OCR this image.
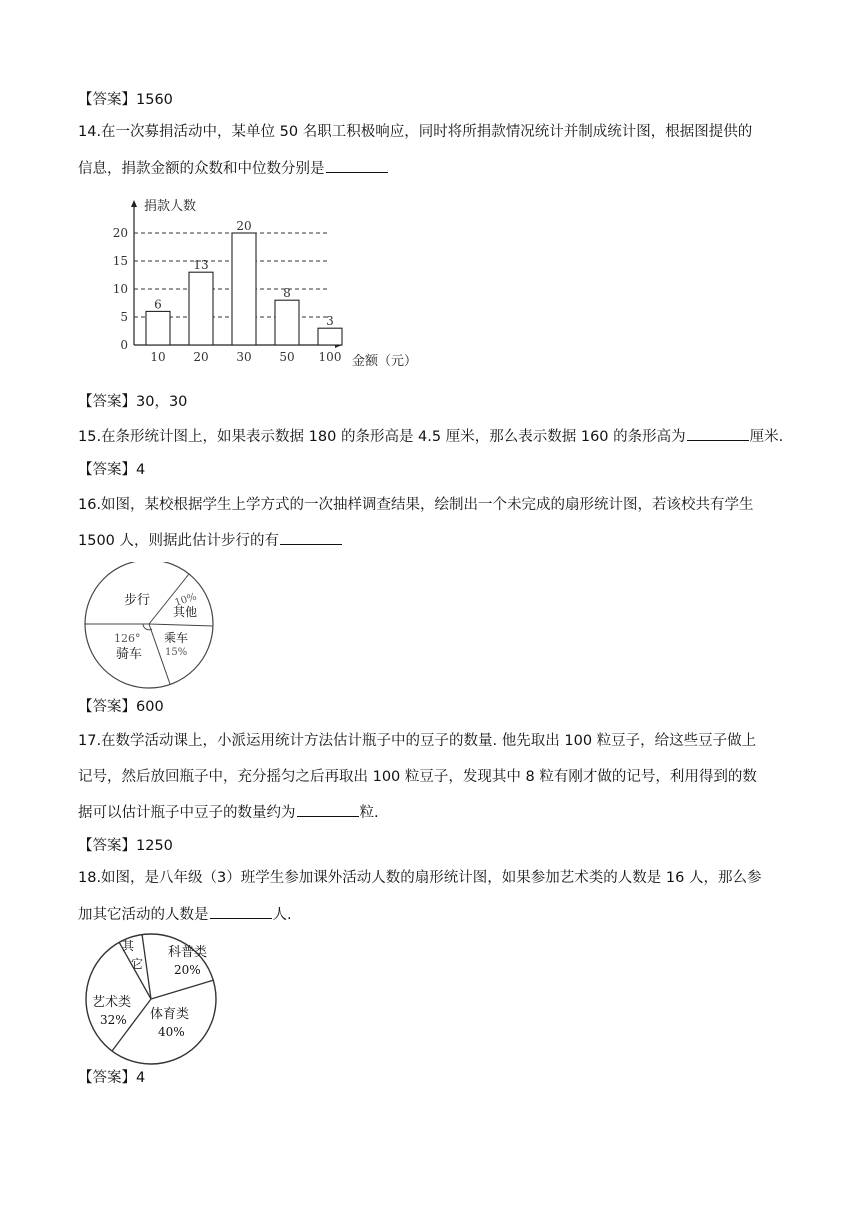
【答案】1560
14.在一次募捐活动中，某单位 50 名职工积极响应，同时将所捐款情况统计并制成统计图，根据图提供的
信息，捐款金额的众数和中位数分别是
0
5
10
15
20
6
10
13
20
20
30
8
50
3
100
捐款人数
金额（元）
【答案】30，30
15.在条形统计图上，如果表示数据 180 的条形高是 4.5 厘米，那么表示数据 160 的条形高为	厘米.
【答案】4
16.如图，某校根据学生上学方式的一次抽样调查结果，绘制出一个未完成的扇形统计图，若该校共有学生
1500 人，则据此估计步行的有
步行 10%
其他
126°
骑车
乘车
15%
【答案】600
17.在数学活动课上，小派运用统计方法估计瓶子中的豆子的数量. 他先取出 100 粒豆子，给这些豆子做上
记号，然后放回瓶子中，充分摇匀之后再取出 100 粒豆子，发现其中 8 粒有刚才做的记号，利用得到的数
据可以估计瓶子中豆子的数量约为	粒.
【答案】1250
18.如图，是八年级（3）班学生参加课外活动人数的扇形统计图，如果参加艺术类的人数是 16 人，那么参
加其它活动的人数是	人.
其
它
科普类
20%
艺术类
32% 体育类
40%
【答案】4
